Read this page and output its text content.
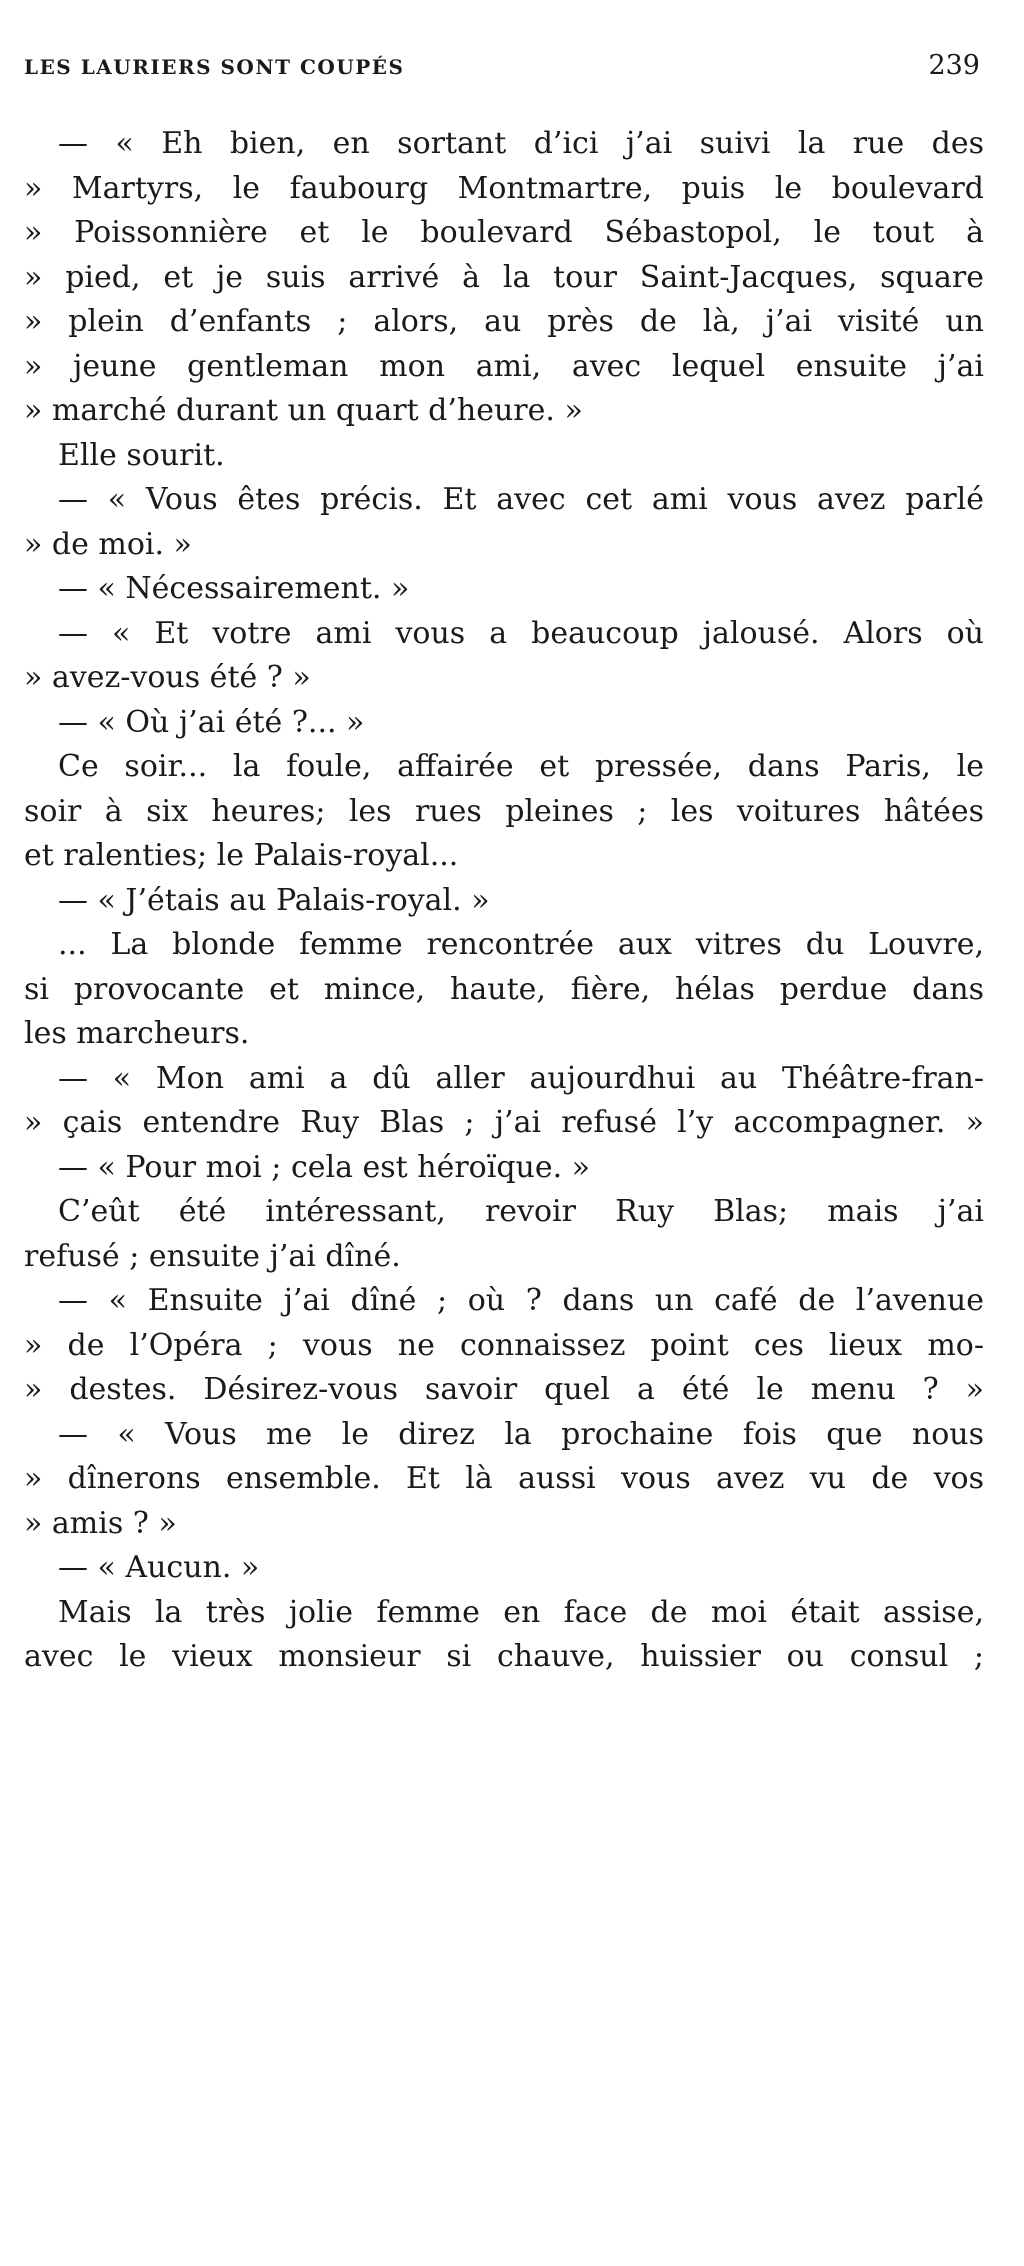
LES LAURIERS SONT COUPÉS	239
— « Eh bien, en sortant d’ici j’ai suivi la rue des
» Martyrs, le faubourg Montmartre, puis le boulevard
» Poissonnière et le boulevard Sébastopol, le tout à
» pied, et je suis arrivé à la tour Saint-Jacques, square
» plein d’enfants ; alors, au près de là, j’ai visité un
» jeune gentleman mon ami, avec lequel ensuite j’ai
» marché durant un quart d’heure. »
Elle sourit.
— « Vous êtes précis. Et avec cet ami vous avez parlé
» de moi. »
— « Nécessairement. »
— « Et votre ami vous a beaucoup jalousé. Alors où
» avez-vous été ? »
— « Où j’ai été ?... »
Ce soir... la foule, affairée et pressée, dans Paris, le
soir à six heures; les rues pleines ; les voitures hâtées
et ralenties; le Palais-royal...
— « J’étais au Palais-royal. »
... La blonde femme rencontrée aux vitres du Louvre,
si provocante et mince, haute, fière, hélas perdue dans
les marcheurs.
— « Mon ami a dû aller aujourdhui au Théâtre-fran-
» çais entendre Ruy Blas ; j’ai refusé l’y accompagner. »
— « Pour moi ; cela est héroïque. »
C’eût été intéressant, revoir Ruy Blas; mais j’ai
refusé ; ensuite j’ai dîné.
— « Ensuite j’ai dîné ; où ? dans un café de l’avenue
» de l’Opéra ; vous ne connaissez point ces lieux mo-
» destes. Désirez-vous savoir quel a été le menu ? »
— « Vous me le direz la prochaine fois que nous
» dînerons ensemble. Et là aussi vous avez vu de vos
» amis ? »
— « Aucun. »
Mais la très jolie femme en face de moi était assise,
avec le vieux monsieur si chauve, huissier ou consul ;
